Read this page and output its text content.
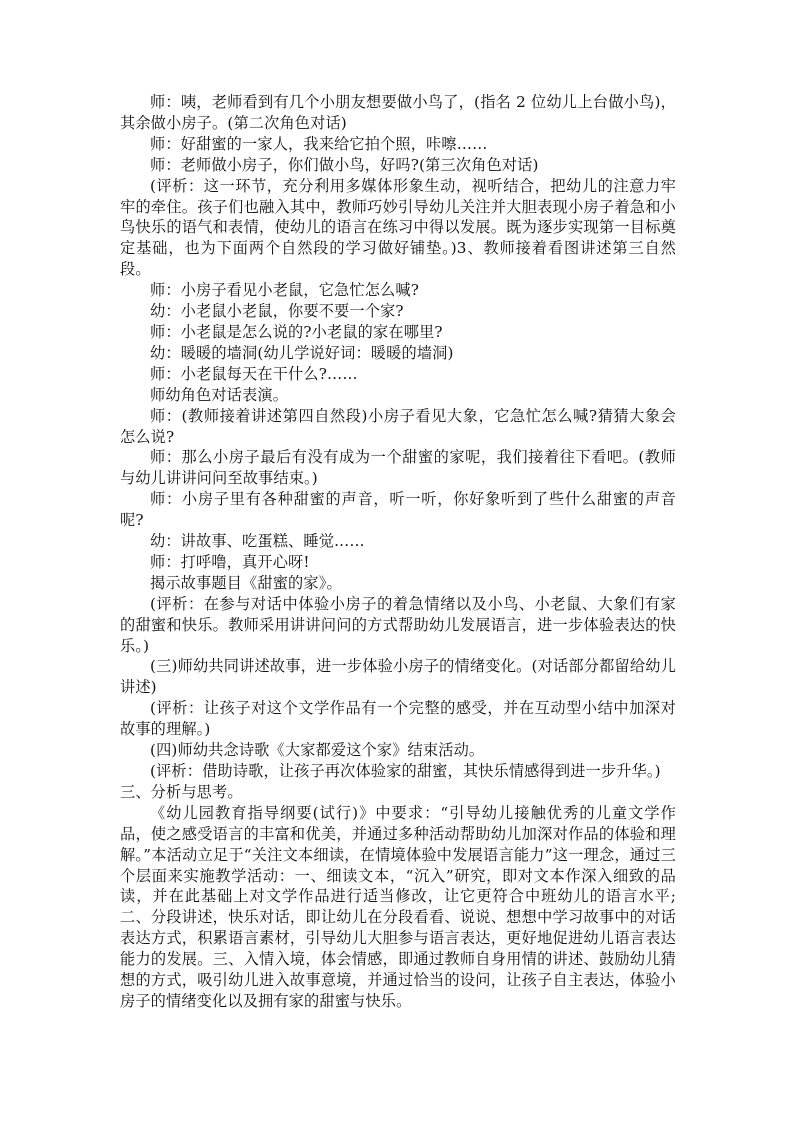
师：咦，老师看到有几个小朋友想要做小鸟了，(指名 2 位幼儿上台做小鸟)，其余做小房子。(第二次角色对话)

师：好甜蜜的一家人，我来给它拍个照，咔嚓……

师：老师做小房子，你们做小鸟，好吗?(第三次角色对话)

(评析：这一环节，充分利用多媒体形象生动，视听结合，把幼儿的注意力牢牢的牵住。孩子们也融入其中，教师巧妙引导幼儿关注并大胆表现小房子着急和小鸟快乐的语气和表情，使幼儿的语言在练习中得以发展。既为逐步实现第一目标奠定基础，也为下面两个自然段的学习做好铺垫。)3、教师接着看图讲述第三自然段。

师：小房子看见小老鼠，它急忙怎么喊?

幼：小老鼠小老鼠，你要不要一个家?

师：小老鼠是怎么说的?小老鼠的家在哪里?

幼：暖暖的墙洞(幼儿学说好词：暖暖的墙洞)

师：小老鼠每天在干什么?……

师幼角色对话表演。

师：(教师接着讲述第四自然段)小房子看见大象，它急忙怎么喊?猜猜大象会怎么说?

师：那么小房子最后有没有成为一个甜蜜的家呢，我们接着往下看吧。(教师与幼儿讲讲问问至故事结束。)

师：小房子里有各种甜蜜的声音，听一听，你好象听到了些什么甜蜜的声音呢?

幼：讲故事、吃蛋糕、睡觉……

师：打呼噜，真开心呀!

揭示故事题目《甜蜜的家》。

(评析：在参与对话中体验小房子的着急情绪以及小鸟、小老鼠、大象们有家的甜蜜和快乐。教师采用讲讲问问的方式帮助幼儿发展语言，进一步体验表达的快乐。)

(三)师幼共同讲述故事，进一步体验小房子的情绪变化。(对话部分都留给幼儿讲述)

(评析：让孩子对这个文学作品有一个完整的感受，并在互动型小结中加深对故事的理解。)

(四)师幼共念诗歌《大家都爱这个家》结束活动。

(评析：借助诗歌，让孩子再次体验家的甜蜜，其快乐情感得到进一步升华。)

三、分析与思考。

《幼儿园教育指导纲要(试行)》中要求：“引导幼儿接触优秀的儿童文学作品，使之感受语言的丰富和优美，并通过多种活动帮助幼儿加深对作品的体验和理解。”本活动立足于“关注文本细读，在情境体验中发展语言能力”这一理念，通过三个层面来实施教学活动：一、细读文本，“沉入”研究，即对文本作深入细致的品读，并在此基础上对文学作品进行适当修改，让它更符合中班幼儿的语言水平;二、分段讲述，快乐对话，即让幼儿在分段看看、说说、想想中学习故事中的对话表达方式，积累语言素材，引导幼儿大胆参与语言表达，更好地促进幼儿语言表达能力的发展。三、入情入境，体会情感，即通过教师自身用情的讲述、鼓励幼儿猜想的方式，吸引幼儿进入故事意境，并通过恰当的设问，让孩子自主表达，体验小房子的情绪变化以及拥有家的甜蜜与快乐。
